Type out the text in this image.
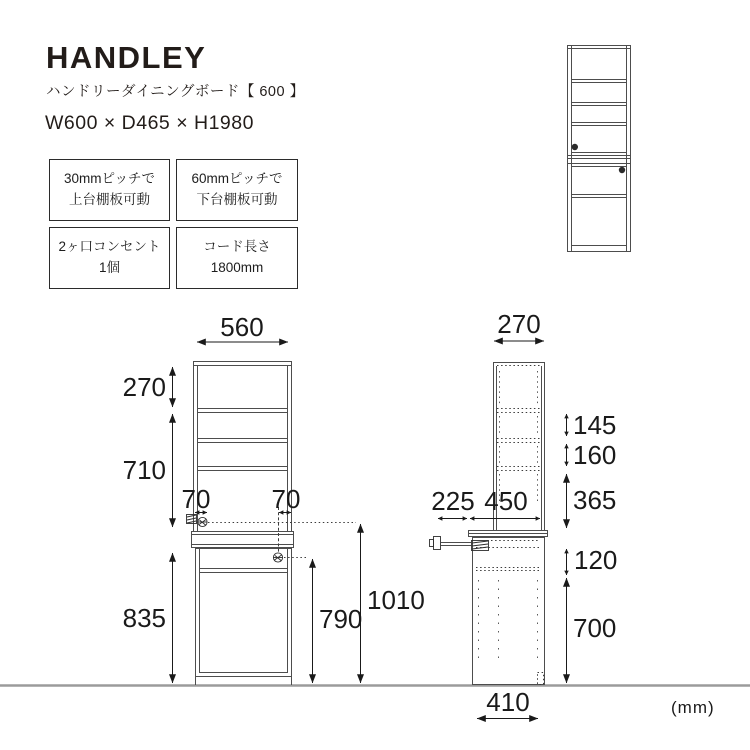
HANDLEY
ハンドリーダイニングボード【 600 】
W600 × D465 × H1980
30mmピッチで
上台棚板可動
60mmピッチで
下台棚板可動
2ヶ口コンセント
1個
コード長さ
1800mm
560
270
710
835
70 70
790
1010
270
145
160
365
120
700
225 450
410	(mm)
